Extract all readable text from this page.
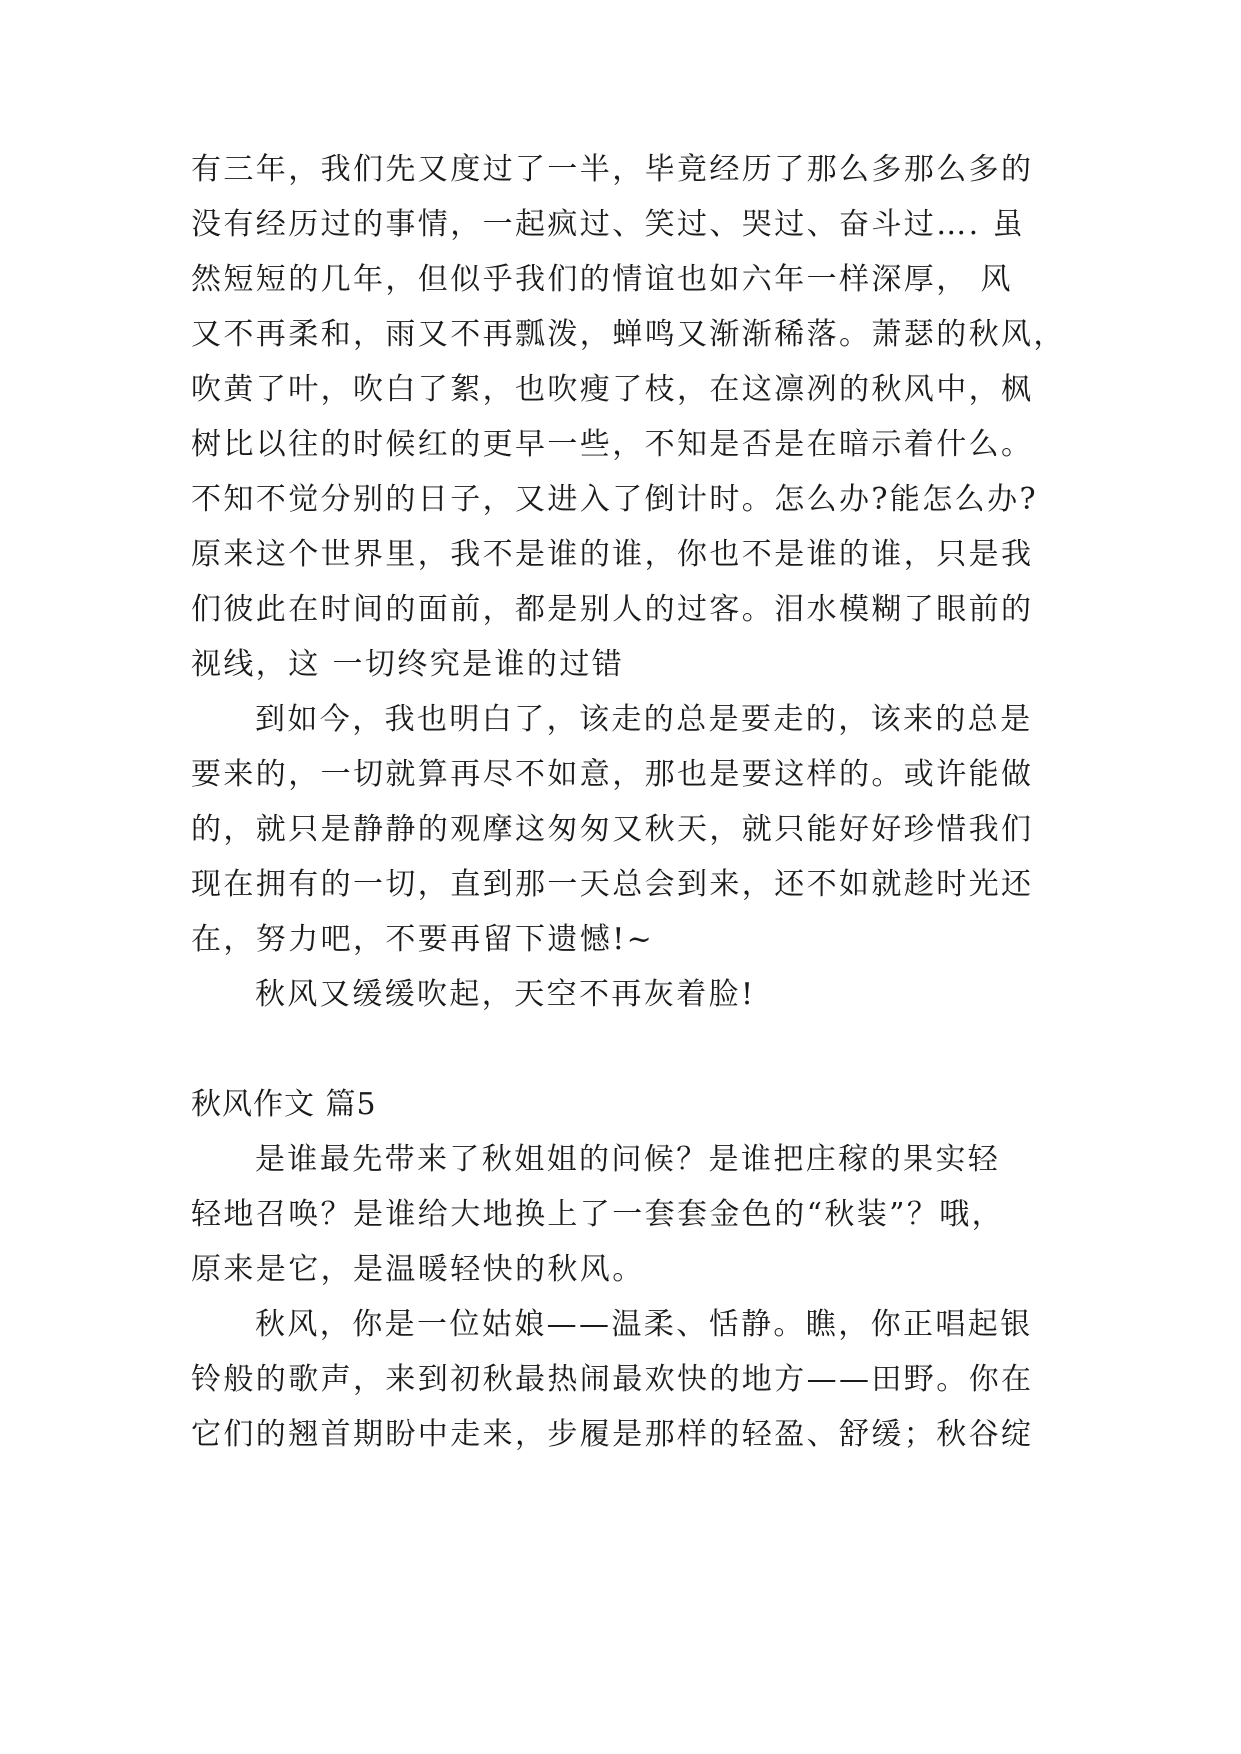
有三年，我们先又度过了一半，毕竟经历了那么多那么多的
没有经历过的事情，一起疯过、笑过、哭过、奋斗过…. 虽
然短短的几年，但似乎我们的情谊也如六年一样深厚， 风
又不再柔和，雨又不再瓢泼，蝉鸣又渐渐稀落。萧瑟的秋风，
吹黄了叶，吹白了絮，也吹瘦了枝，在这凛冽的秋风中，枫
树比以往的时候红的更早一些，不知是否是在暗示着什么。
不知不觉分别的日子，又进入了倒计时。怎么办?能怎么办?
原来这个世界里，我不是谁的谁，你也不是谁的谁，只是我
们彼此在时间的面前，都是别人的过客。泪水模糊了眼前的
视线，这 一切终究是谁的过错
到如今，我也明白了，该走的总是要走的，该来的总是
要来的，一切就算再尽不如意，那也是要这样的。或许能做
的，就只是静静的观摩这匆匆又秋天，就只能好好珍惜我们
现在拥有的一切，直到那一天总会到来，还不如就趁时光还
在，努力吧，不要再留下遗憾!~
秋风又缓缓吹起，天空不再灰着脸!
秋风作文 篇5
是谁最先带来了秋姐姐的问候？是谁把庄稼的果实轻
轻地召唤？是谁给大地换上了一套套金色的“秋装”？哦，
原来是它，是温暖轻快的秋风。
秋风，你是一位姑娘——温柔、恬静。瞧，你正唱起银
铃般的歌声，来到初秋最热闹最欢快的地方——田野。你在
它们的翘首期盼中走来，步履是那样的轻盈、舒缓；秋谷绽
